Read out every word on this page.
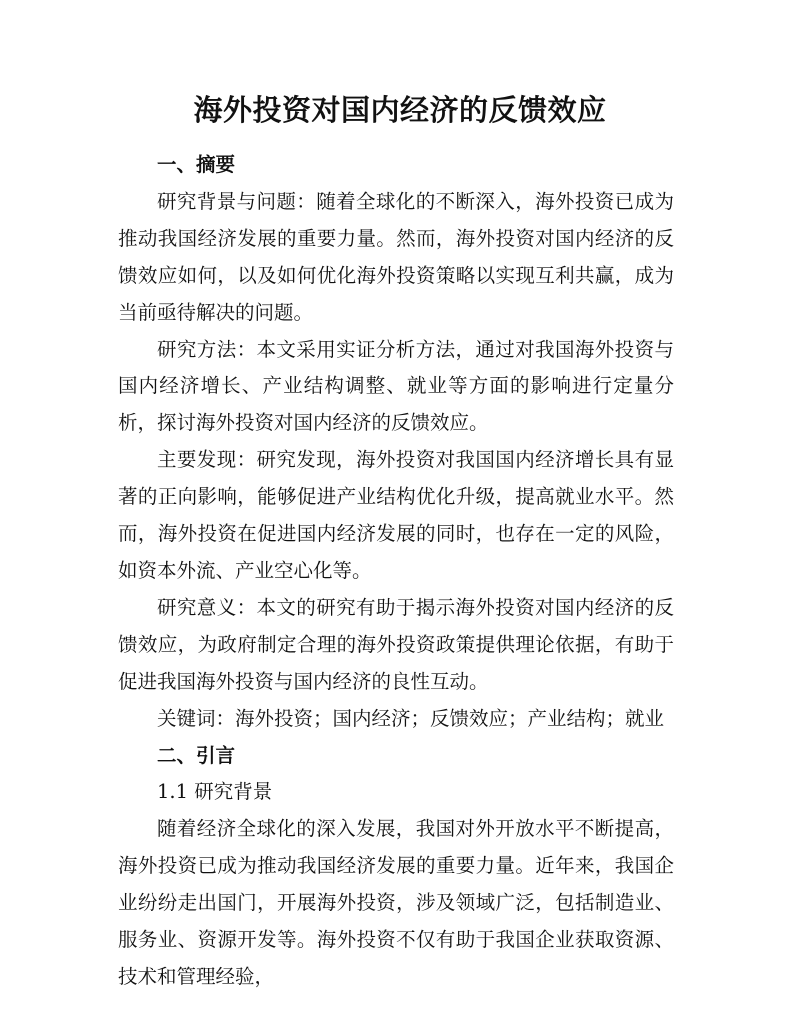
海外投资对国内经济的反馈效应
一、摘要

研究背景与问题：随着全球化的不断深入，海外投资已成为推动我国经济发展的重要力量。然而，海外投资对国内经济的反馈效应如何，以及如何优化海外投资策略以实现互利共赢，成为当前亟待解决的问题。

研究方法：本文采用实证分析方法，通过对我国海外投资与国内经济增长、产业结构调整、就业等方面的影响进行定量分析，探讨海外投资对国内经济的反馈效应。

主要发现：研究发现，海外投资对我国国内经济增长具有显著的正向影响，能够促进产业结构优化升级，提高就业水平。然而，海外投资在促进国内经济发展的同时，也存在一定的风险，如资本外流、产业空心化等。

研究意义：本文的研究有助于揭示海外投资对国内经济的反馈效应，为政府制定合理的海外投资政策提供理论依据，有助于促进我国海外投资与国内经济的良性互动。

关键词：海外投资；国内经济；反馈效应；产业结构；就业

二、引言

1.1 研究背景

随着经济全球化的深入发展，我国对外开放水平不断提高，海外投资已成为推动我国经济发展的重要力量。近年来，我国企业纷纷走出国门，开展海外投资，涉及领域广泛，包括制造业、服务业、资源开发等。海外投资不仅有助于我国企业获取资源、技术和管理经验，
